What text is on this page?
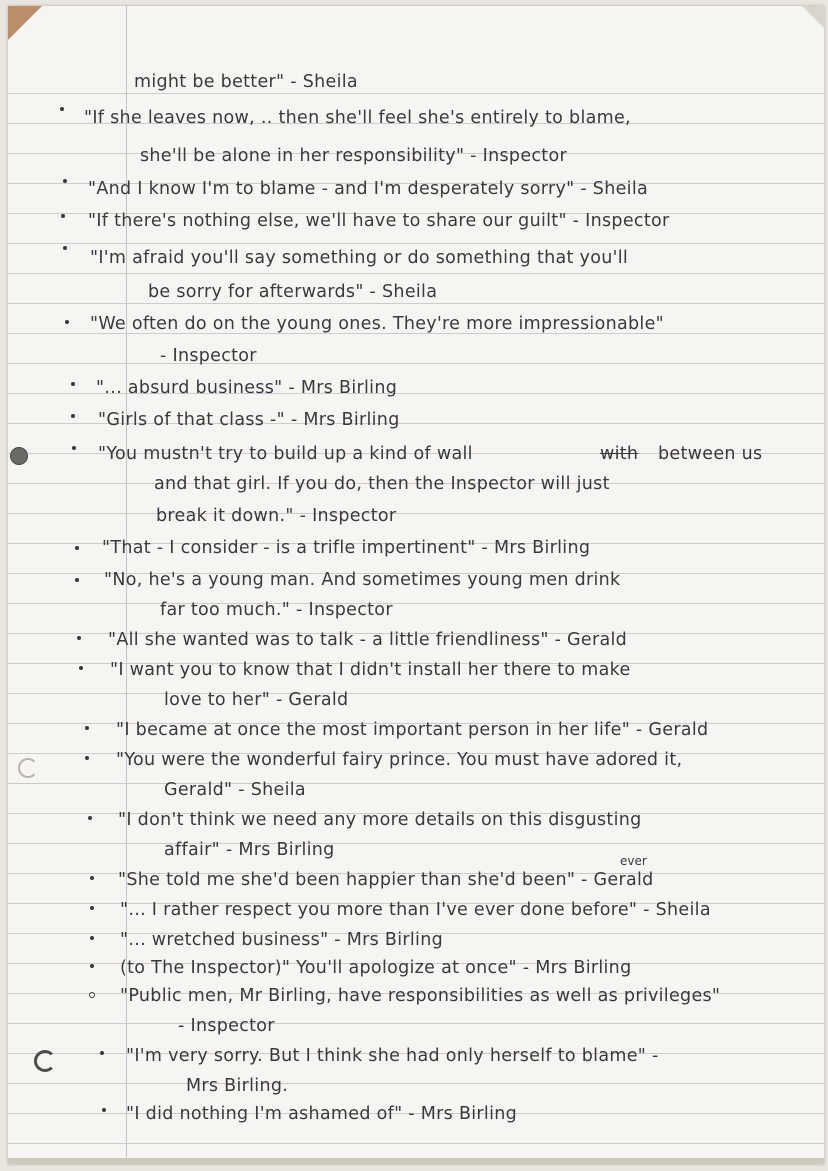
might be better" - Sheila
"If she leaves now, .. then she'll feel she's entirely to blame,
she'll be alone in her responsibility" - Inspector
"And I know I'm to blame - and I'm desperately sorry" - Sheila
"If there's nothing else, we'll have to share our guilt" - Inspector
"I'm afraid you'll say something or do something that you'll
be sorry for afterwards" - Sheila
"We often do on the young ones. They're more impressionable"
- Inspector
"... absurd business" - Mrs Birling
"Girls of that class -" - Mrs Birling
"You mustn't try to build up a kind of wall	with between us
and that girl. If you do, then the Inspector will just
break it down." - Inspector
"That - I consider - is a trifle impertinent" - Mrs Birling
"No, he's a young man. And sometimes young men drink
far too much." - Inspector
"All she wanted was to talk - a little friendliness" - Gerald
"I want you to know that I didn't install her there to make
love to her" - Gerald
"I became at once the most important person in her life" - Gerald
"You were the wonderful fairy prince. You must have adored it,
Gerald" - Sheila
"I don't think we need any more details on this disgusting
affair" - Mrs Birling
ever
"She told me she'd been happier than she'd been" - Gerald
"... I rather respect you more than I've ever done before" - Sheila
"... wretched business" - Mrs Birling
(to The Inspector)" You'll apologize at once" - Mrs Birling
"Public men, Mr Birling, have responsibilities as well as privileges"
- Inspector
"I'm very sorry. But I think she had only herself to blame" -
Mrs Birling.
"I did nothing I'm ashamed of" - Mrs Birling
